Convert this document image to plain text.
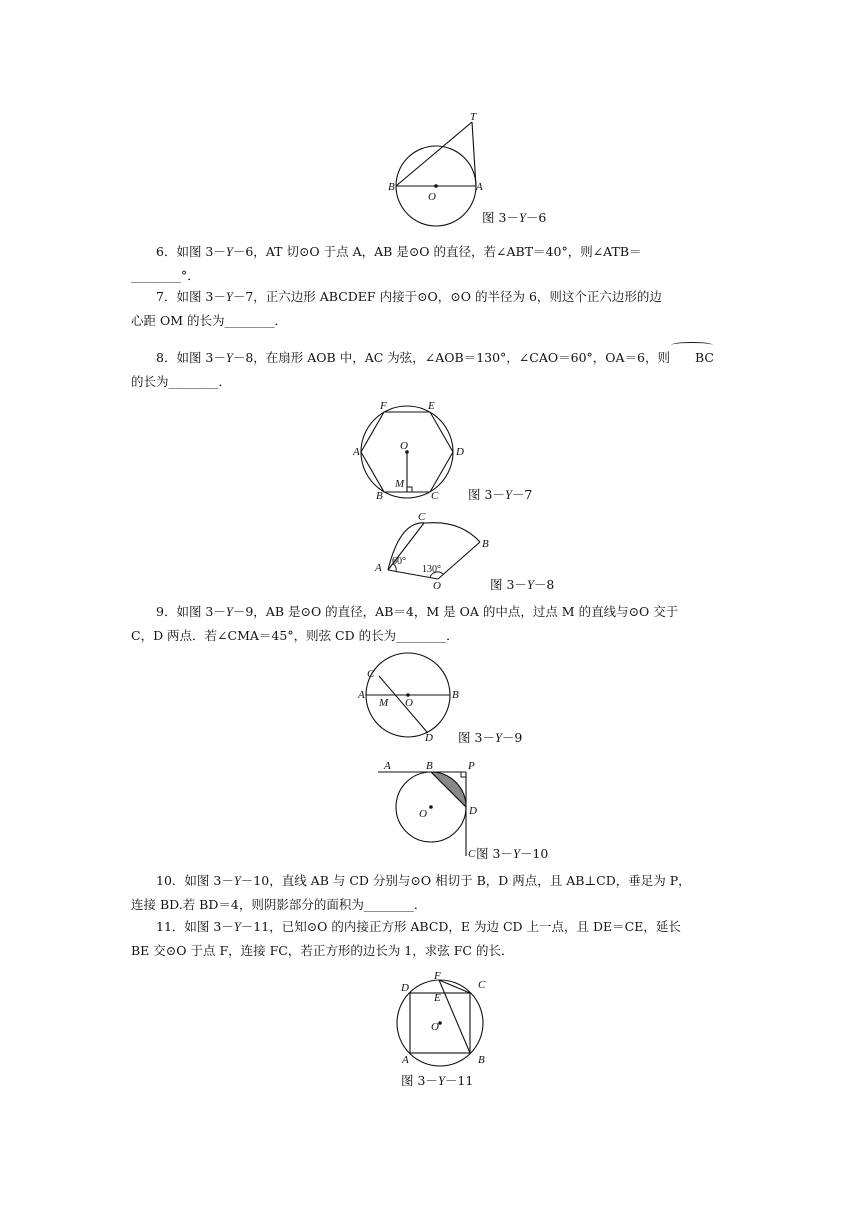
T
B
O
A
图 3－Y－6
6．如图 3－Y－6，AT 切⊙O 于点 A，AB 是⊙O 的直径，若∠ABT＝40°，则∠ATB＝
________°．
7．如图 3－Y－7，正六边形 ABCDEF 内接于⊙O，⊙O 的半径为 6，则这个正六边形的边
心距 OM 的长为________．
8．如图 3－Y－8，在扇形 AOB 中，AC 为弦，∠AOB＝130°，∠CAO＝60°，OA＝6，则 BC
的长为________．
F	E
O
A	D
M
B	C 图 3－Y－7
C
B
A
O
60°
130°
图 3－Y－8
9．如图 3－Y－9，AB 是⊙O 的直径，AB＝4，M 是 OA 的中点，过点 M 的直线与⊙O 交于
C，D 两点．若∠CMA＝45°，则弦 CD 的长为________．
C
A
M O
B
D 图 3－Y－9
A	B	P
O	D
C 图 3－Y－10
10．如图 3－Y－10，直线 AB 与 CD 分别与⊙O 相切于 B，D 两点，且 AB⊥CD，垂足为 P，
连接 BD.若 BD＝4，则阴影部分的面积为________．
11．如图 3－Y－11，已知⊙O 的内接正方形 ABCD，E 为边 CD 上一点，且 DE＝CE，延长
BE 交⊙O 于点 F，连接 FC，若正方形的边长为 1，求弦 FC 的长．
F
D	C
E
O
A	B
图 3－Y－11
